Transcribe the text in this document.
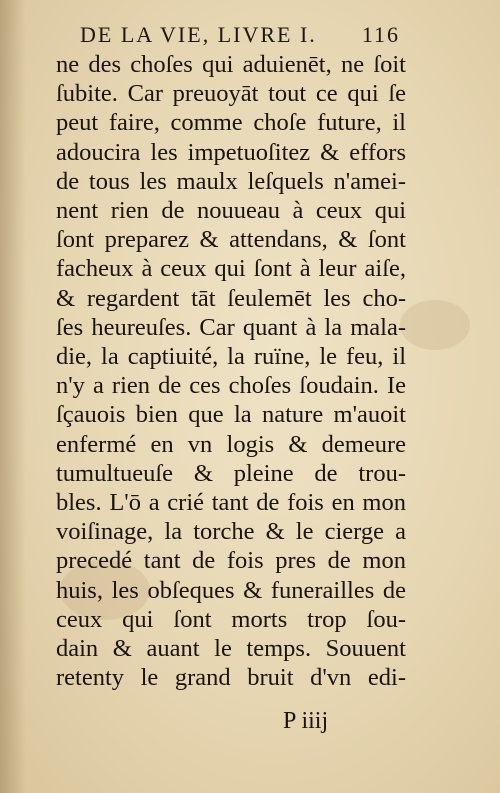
DE LA VIE, LIVRE I. 116
ne des choſes qui aduienēt, ne ſoit
ſubite. Car preuoyāt tout ce qui ſe
peut faire, comme choſe future, il
adoucira les impetuoſitez & effors
de tous les maulx leſquels n'amei-
nent rien de nouueau à ceux qui
ſont preparez & attendans, & ſont
facheux à ceux qui ſont à leur aiſe,
& regardent tāt ſeulemēt les cho-
ſes heureuſes. Car quant à la mala-
die, la captiuité, la ruïne, le feu, il
n'y a rien de ces choſes ſoudain. Ie
ſçauois bien que la nature m'auoit
enfermé en vn logis & demeure
tumultueuſe & pleine de trou-
bles. L'ō a crié tant de fois en mon
voiſinage, la torche & le cierge a
precedé tant de fois pres de mon
huis, les obſeques & funerailles de
ceux qui ſont morts trop ſou-
dain & auant le temps. Souuent
retenty le grand bruit d'vn edi-
P iiij
